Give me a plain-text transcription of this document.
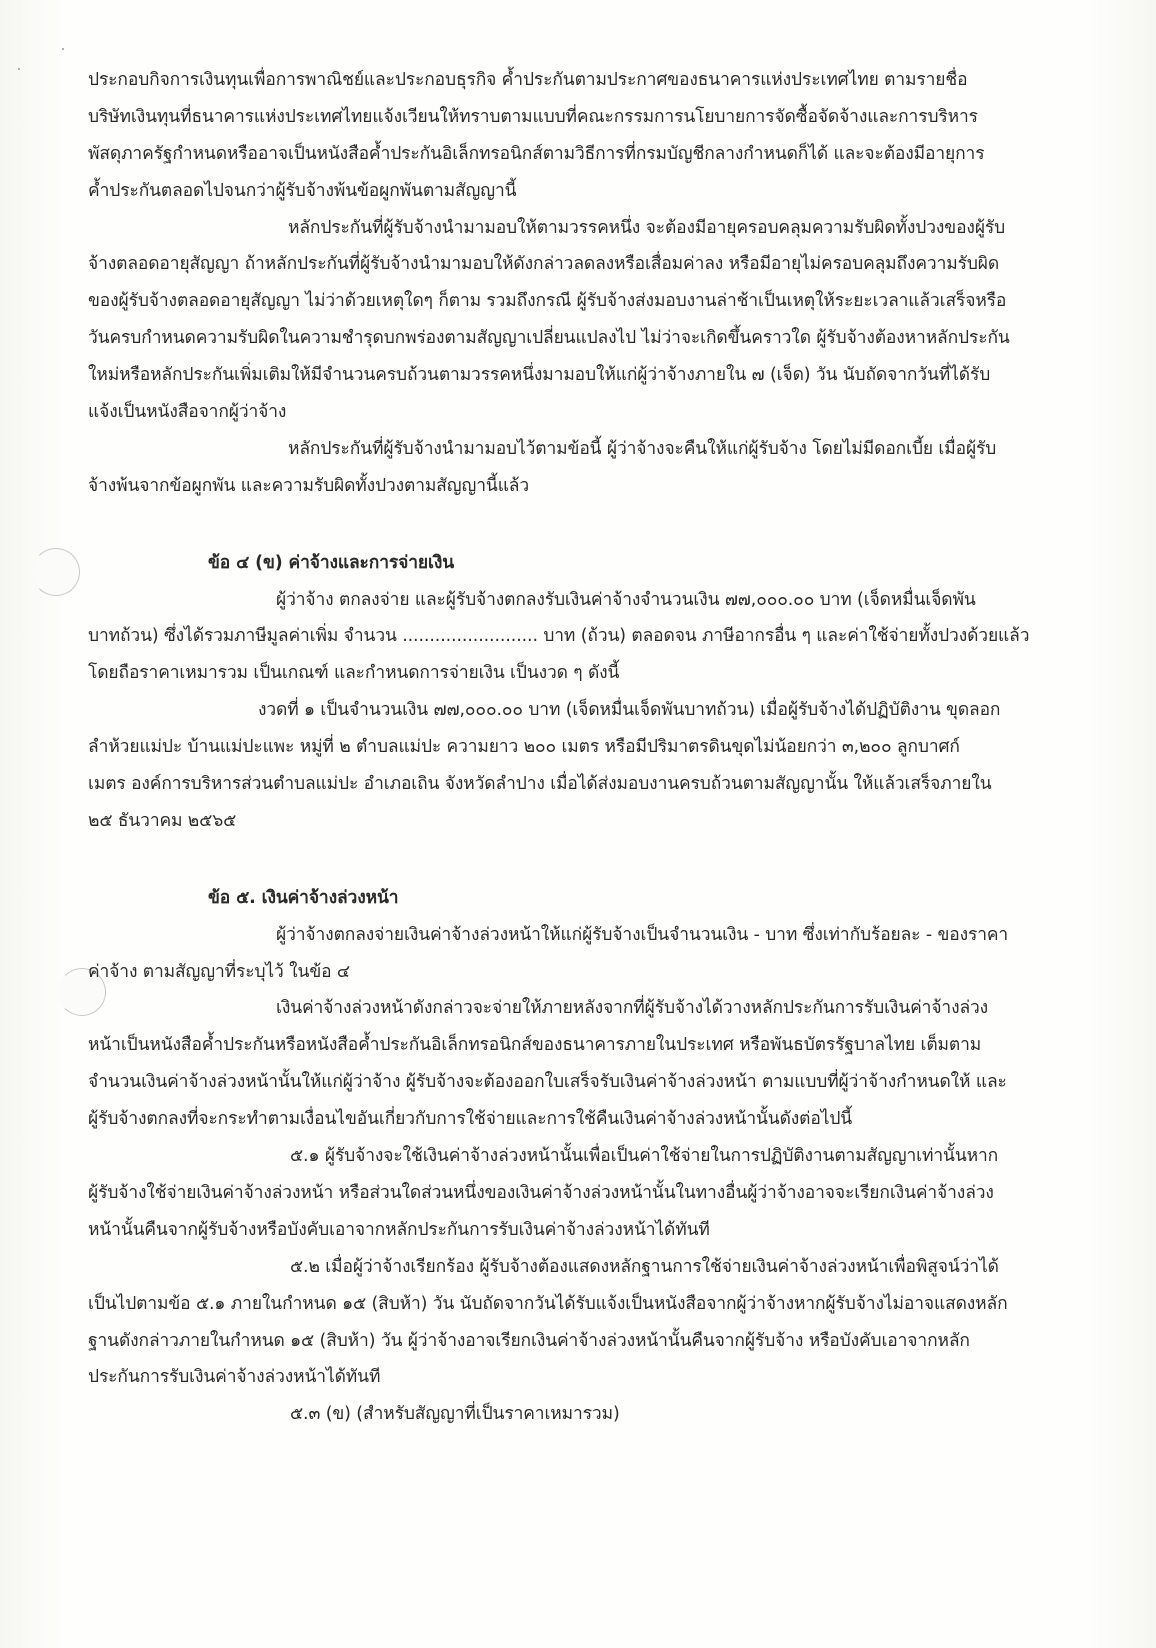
ประกอบกิจการเงินทุนเพื่อการพาณิชย์และประกอบธุรกิจ ค้ำประกันตามประกาศของธนาคารแห่งประเทศไทย ตามรายชื่อ
บริษัทเงินทุนที่ธนาคารแห่งประเทศไทยแจ้งเวียนให้ทราบตามแบบที่คณะกรรมการนโยบายการจัดซื้อจัดจ้างและการบริหาร
พัสดุภาครัฐกำหนดหรืออาจเป็นหนังสือค้ำประกันอิเล็กทรอนิกส์ตามวิธีการที่กรมบัญชีกลางกำหนดก็ได้ และจะต้องมีอายุการ
ค้ำประกันตลอดไปจนกว่าผู้รับจ้างพ้นข้อผูกพันตามสัญญานี้
หลักประกันที่ผู้รับจ้างนำมามอบให้ตามวรรคหนึ่ง จะต้องมีอายุครอบคลุมความรับผิดทั้งปวงของผู้รับ
จ้างตลอดอายุสัญญา ถ้าหลักประกันที่ผู้รับจ้างนำมามอบให้ดังกล่าวลดลงหรือเสื่อมค่าลง หรือมีอายุไม่ครอบคลุมถึงความรับผิด
ของผู้รับจ้างตลอดอายุสัญญา ไม่ว่าด้วยเหตุใดๆ ก็ตาม รวมถึงกรณี ผู้รับจ้างส่งมอบงานล่าช้าเป็นเหตุให้ระยะเวลาแล้วเสร็จหรือ
วันครบกำหนดความรับผิดในความชำรุดบกพร่องตามสัญญาเปลี่ยนแปลงไป ไม่ว่าจะเกิดขึ้นคราวใด ผู้รับจ้างต้องหาหลักประกัน
ใหม่หรือหลักประกันเพิ่มเติมให้มีจำนวนครบถ้วนตามวรรคหนึ่งมามอบให้แก่ผู้ว่าจ้างภายใน ๗ (เจ็ด) วัน นับถัดจากวันที่ได้รับ
แจ้งเป็นหนังสือจากผู้ว่าจ้าง
หลักประกันที่ผู้รับจ้างนำมามอบไว้ตามข้อนี้ ผู้ว่าจ้างจะคืนให้แก่ผู้รับจ้าง โดยไม่มีดอกเบี้ย เมื่อผู้รับ
จ้างพ้นจากข้อผูกพัน และความรับผิดทั้งปวงตามสัญญานี้แล้ว
ข้อ ๔ (ข) ค่าจ้างและการจ่ายเงิน
ผู้ว่าจ้าง ตกลงจ่าย และผู้รับจ้างตกลงรับเงินค่าจ้างจำนวนเงิน ๗๗,๐๐๐.๐๐ บาท (เจ็ดหมื่นเจ็ดพัน
บาทถ้วน) ซึ่งได้รวมภาษีมูลค่าเพิ่ม จำนวน ......................... บาท (ถ้วน) ตลอดจน ภาษีอากรอื่น ๆ และค่าใช้จ่ายทั้งปวงด้วยแล้ว
โดยถือราคาเหมารวม เป็นเกณฑ์ และกำหนดการจ่ายเงิน เป็นงวด ๆ ดังนี้
งวดที่ ๑ เป็นจำนวนเงิน ๗๗,๐๐๐.๐๐ บาท (เจ็ดหมื่นเจ็ดพันบาทถ้วน) เมื่อผู้รับจ้างได้ปฏิบัติงาน ขุดลอก
ลำห้วยแม่ปะ บ้านแม่ปะแพะ หมู่ที่ ๒ ตำบลแม่ปะ ความยาว ๒๐๐ เมตร หรือมีปริมาตรดินขุดไม่น้อยกว่า ๓,๒๐๐ ลูกบาศก์
เมตร องค์การบริหารส่วนตำบลแม่ปะ อำเภอเถิน จังหวัดลำปาง เมื่อได้ส่งมอบงานครบถ้วนตามสัญญานั้น ให้แล้วเสร็จภายใน
๒๕ ธันวาคม ๒๕๖๕
ข้อ ๕. เงินค่าจ้างล่วงหน้า
ผู้ว่าจ้างตกลงจ่ายเงินค่าจ้างล่วงหน้าให้แก่ผู้รับจ้างเป็นจำนวนเงิน - บาท ซึ่งเท่ากับร้อยละ - ของราคา
ค่าจ้าง ตามสัญญาที่ระบุไว้ ในข้อ ๔
เงินค่าจ้างล่วงหน้าดังกล่าวจะจ่ายให้ภายหลังจากที่ผู้รับจ้างได้วางหลักประกันการรับเงินค่าจ้างล่วง
หน้าเป็นหนังสือค้ำประกันหรือหนังสือค้ำประกันอิเล็กทรอนิกส์ของธนาคารภายในประเทศ หรือพันธบัตรรัฐบาลไทย เต็มตาม
จำนวนเงินค่าจ้างล่วงหน้านั้นให้แก่ผู้ว่าจ้าง ผู้รับจ้างจะต้องออกใบเสร็จรับเงินค่าจ้างล่วงหน้า ตามแบบที่ผู้ว่าจ้างกำหนดให้ และ
ผู้รับจ้างตกลงที่จะกระทำตามเงื่อนไขอันเกี่ยวกับการใช้จ่ายและการใช้คืนเงินค่าจ้างล่วงหน้านั้นดังต่อไปนี้
๕.๑ ผู้รับจ้างจะใช้เงินค่าจ้างล่วงหน้านั้นเพื่อเป็นค่าใช้จ่ายในการปฏิบัติงานตามสัญญาเท่านั้นหาก
ผู้รับจ้างใช้จ่ายเงินค่าจ้างล่วงหน้า หรือส่วนใดส่วนหนึ่งของเงินค่าจ้างล่วงหน้านั้นในทางอื่นผู้ว่าจ้างอาจจะเรียกเงินค่าจ้างล่วง
หน้านั้นคืนจากผู้รับจ้างหรือบังคับเอาจากหลักประกันการรับเงินค่าจ้างล่วงหน้าได้ทันที
๕.๒ เมื่อผู้ว่าจ้างเรียกร้อง ผู้รับจ้างต้องแสดงหลักฐานการใช้จ่ายเงินค่าจ้างล่วงหน้าเพื่อพิสูจน์ว่าได้
เป็นไปตามข้อ ๕.๑ ภายในกำหนด ๑๕ (สิบห้า) วัน นับถัดจากวันได้รับแจ้งเป็นหนังสือจากผู้ว่าจ้างหากผู้รับจ้างไม่อาจแสดงหลัก
ฐานดังกล่าวภายในกำหนด ๑๕ (สิบห้า) วัน ผู้ว่าจ้างอาจเรียกเงินค่าจ้างล่วงหน้านั้นคืนจากผู้รับจ้าง หรือบังคับเอาจากหลัก
ประกันการรับเงินค่าจ้างล่วงหน้าได้ทันที
๕.๓ (ข) (สำหรับสัญญาที่เป็นราคาเหมารวม)
